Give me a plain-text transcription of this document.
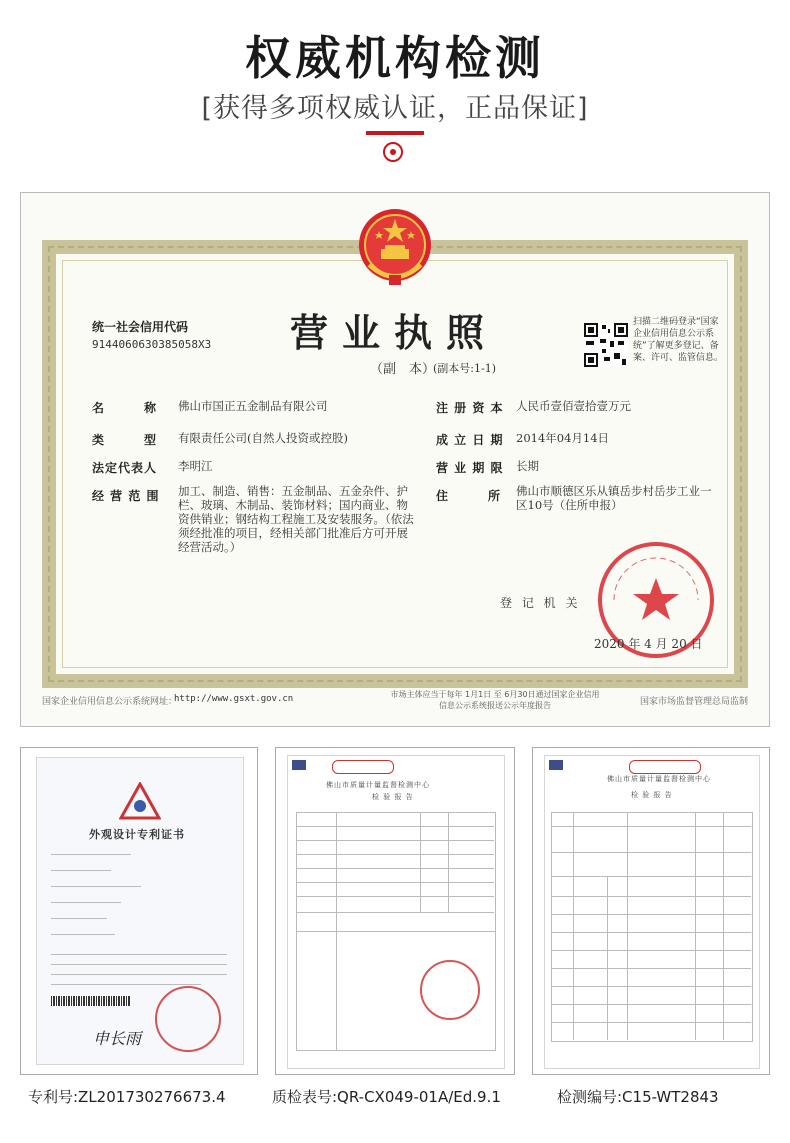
权威机构检测
[获得多项权威认证，正品保证]
统一社会信用代码
9144060630385058X3 营业执照
（副　本）
(副本号:1-1)
扫描二维码登录“国家企业信用信息公示系统”了解更多登记、备案、许可、监管信息。
名　　　称 佛山市国正五金制品有限公司
类　　　型 有限责任公司(自然人投资或控股)
法定代表人 李明江
经 营 范 围 加工、制造、销售：五金制品、五金杂件、护栏、玻璃、木制品、装饰材料；国内商业、物资供销业；钢结构工程施工及安装服务。（依法须经批准的项目，经相关部门批准后方可开展经营活动。）
注 册 资 本 人民币壹佰壹拾壹万元
成 立 日 期 2014年04月14日
营 业 期 限 长期
住　　　所 佛山市顺德区乐从镇岳步村岳步工业一区10号（住所申报）
登 记 机 关
2020 年 4 月 20 日
国家企业信用信息公示系统网址：
http://www.gsxt.gov.cn	市场主体应当于每年 1月1日 至 6月30日通过国家企业信用信息公示系统报送公示年度报告	国家市场监督管理总局监制
外观设计专利证书
申长雨
佛山市质量计量监督检测中心
检 验 报 告
佛山市质量计量监督检测中心
检 验 报 告
专利号:ZL201730276673.4	质检表号:QR-CX049-01A/Ed.9.1	检测编号:C15-WT2843
